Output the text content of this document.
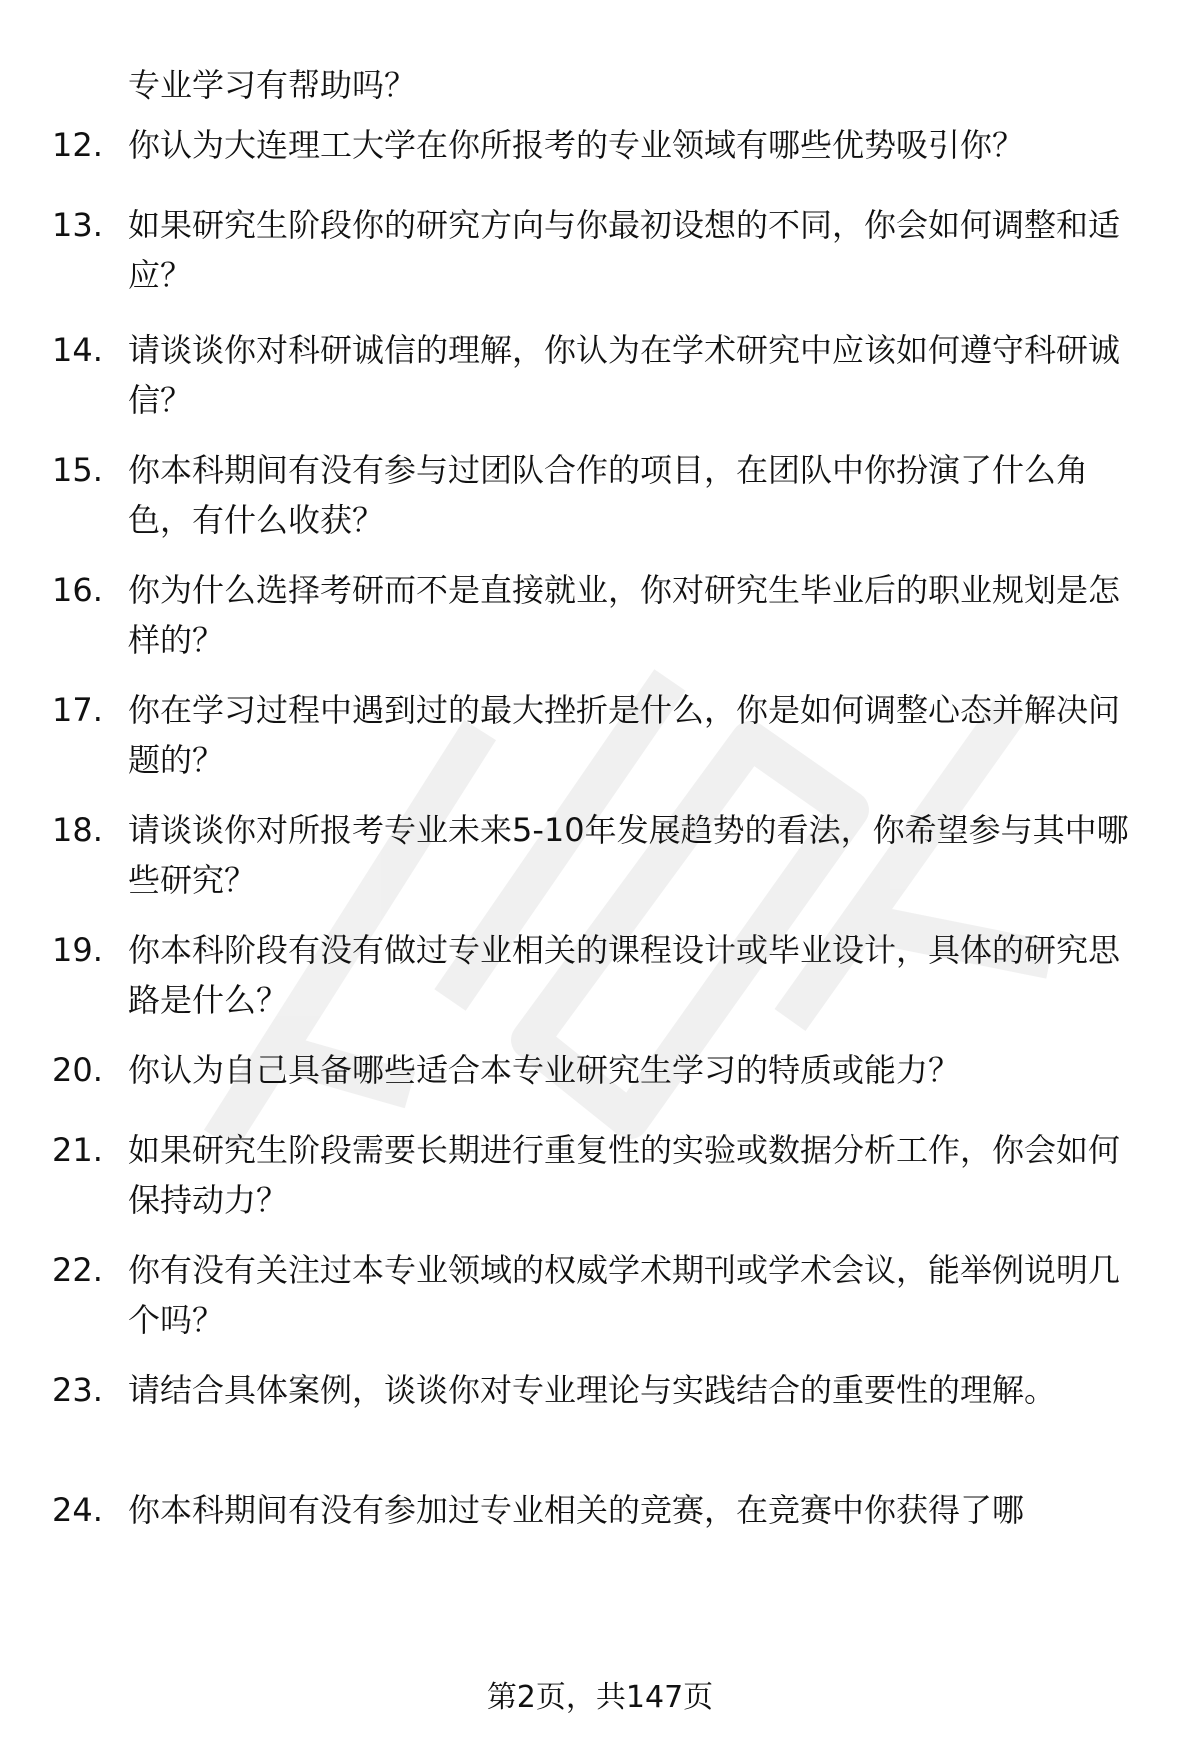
专业学习有帮助吗？
12. 你认为大连理工大学在你所报考的专业领域有哪些优势吸引你？
13. 如果研究生阶段你的研究方向与你最初设想的不同，你会如何调整和适应？
14. 请谈谈你对科研诚信的理解，你认为在学术研究中应该如何遵守科研诚信？
15. 你本科期间有没有参与过团队合作的项目，在团队中你扮演了什么角色，有什么收获？
16. 你为什么选择考研而不是直接就业，你对研究生毕业后的职业规划是怎样的？
17. 你在学习过程中遇到过的最大挫折是什么，你是如何调整心态并解决问题的？
18. 请谈谈你对所报考专业未来5-10年发展趋势的看法，你希望参与其中哪些研究？
19. 你本科阶段有没有做过专业相关的课程设计或毕业设计，具体的研究思路是什么？
20. 你认为自己具备哪些适合本专业研究生学习的特质或能力？
21. 如果研究生阶段需要长期进行重复性的实验或数据分析工作，你会如何保持动力？
22. 你有没有关注过本专业领域的权威学术期刊或学术会议，能举例说明几个吗？
23. 请结合具体案例，谈谈你对专业理论与实践结合的重要性的理解。
24. 你本科期间有没有参加过专业相关的竞赛，在竞赛中你获得了哪
第2页，共147页
